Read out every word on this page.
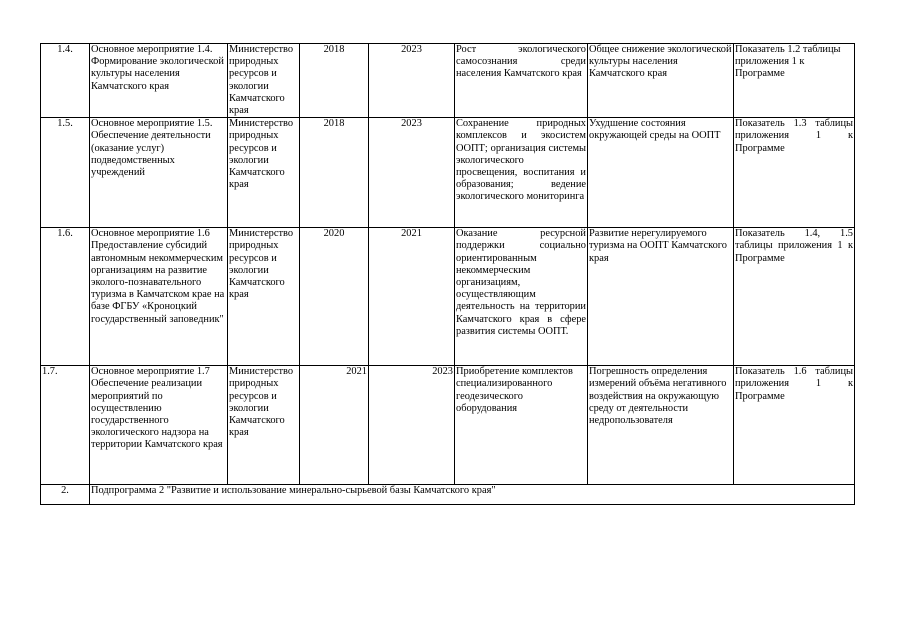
1.4.	Основное мероприятие 1.4. Формирование экологической культуры населения Камчатского края	Министерство природных ресурсов и экологии Камчатского края	2018	2023	Рост экологического самосознания среди населения Камчатского края	Общее снижение экологической культуры населения Камчатского края	Показатель 1.2 таблицы приложения 1 к Программе
1.5.	Основное мероприятие 1.5. Обеспечение деятельности (оказание услуг) подведомственных учреждений	Министерство природных ресурсов и экологии Камчатского края	2018	2023	Сохранение природных комплексов и экосистем ООПТ; организация системы экологического просвещения, воспитания и образования; ведение экологического мониторинга	Ухудшение состояния окружающей среды на ООПТ	Показатель 1.3 таблицы приложения 1 к Программе
1.6.	Основное мероприятие 1.6 Предоставление субсидий автономным некоммерческим организациям на развитие эколого-познавательного туризма в Камчатском крае на базе ФГБУ «Кроноцкий государственный заповедник"	Министерство природных ресурсов и экологии Камчатского края	2020	2021	Оказание ресурсной поддержки социально ориентированным некоммерческим организациям, осуществляющим деятельность на территории Камчатского края в сфере развития системы ООПТ.	Развитие нерегулируемого туризма на ООПТ Камчатского края	Показатель 1.4, 1.5 таблицы приложения 1 к Программе
1.7.	Основное мероприятие 1.7 Обеспечение реализации мероприятий по осуществлению государственного экологического надзора на территории Камчатского края	Министерство природных ресурсов и экологии Камчатского края	2021	2023	Приобретение комплектов специализированного геодезического оборудования	Погрешность определения измерений объёма негативного воздействия на окружающую среду от деятельности недропользователя	Показатель 1.6 таблицы приложения 1 к Программе
2.	Подпрограмма 2 "Развитие и использование минерально-сырьевой базы Камчатского края"						
